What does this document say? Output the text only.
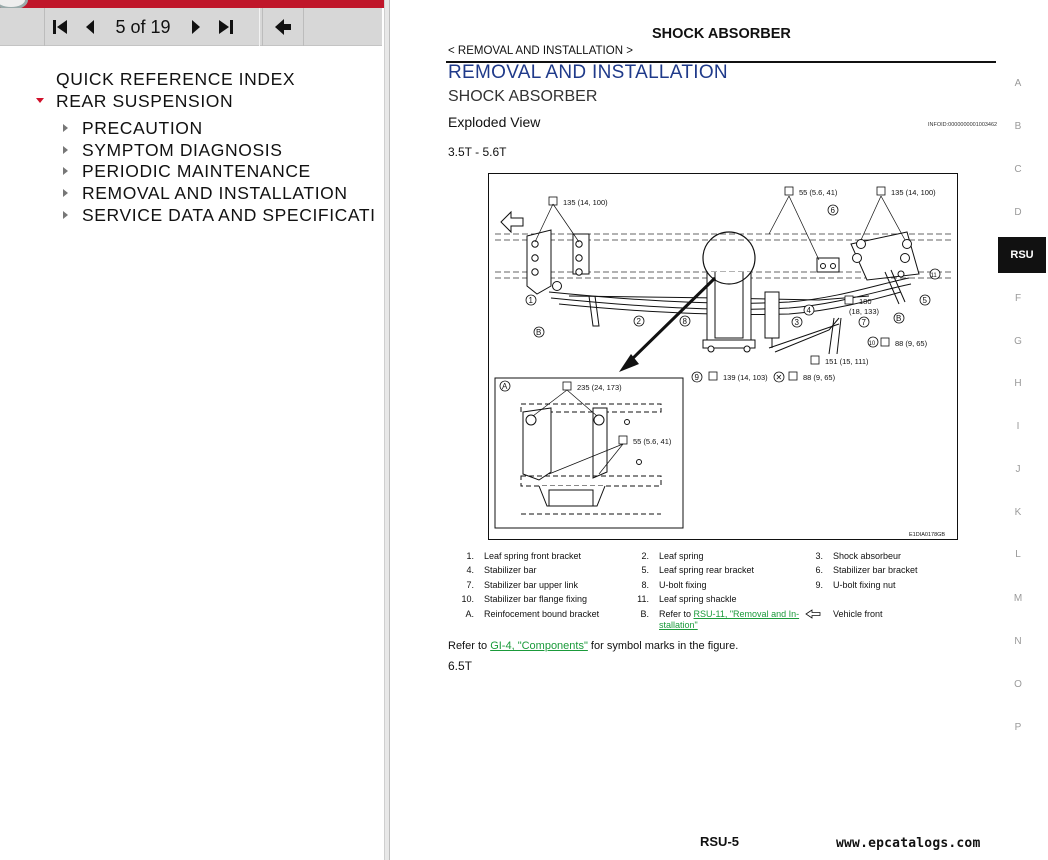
5 of 19
QUICK REFERENCE INDEX
REAR SUSPENSION
PRECAUTION
SYMPTOM DIAGNOSIS
PERIODIC MAINTENANCE
REMOVAL AND INSTALLATION
SERVICE DATA AND SPECIFICATI
SHOCK ABSORBER
< REMOVAL AND INSTALLATION >
REMOVAL AND INSTALLATION
SHOCK ABSORBER
Exploded View	INFOID:0000000001003462
3.5T - 5.6T
135 (14, 100)
55 (5.6, 41)	135 (14, 100)
180
(18, 133)
88 (9, 65)
151 (15, 111)
139 (14, 103)	88 (9, 65)
1
2	3
4
5
6
7
8
9
10
11
B
B
✕
A	235 (24, 173)
55 (5.6, 41)
E1DIA0178GB
1. Leaf spring front bracket	2. Leaf spring	3. Shock absorbeur
4. Stabilizer bar	5. Leaf spring rear bracket	6. Stabilizer bar bracket
7. Stabilizer bar upper link	8. U-bolt fixing	9. U-bolt fixing nut
10. Stabilizer bar flange fixing	11. Leaf spring shackle
A. Reinfocement bound bracket	B. Refer to RSU-11, "Removal and In-
stallation"
Vehicle front
Refer to GI-4, "Components" for symbol marks in the figure.
6.5T
RSU-5	www.epcatalogs.com
A
B
C
D
RSU
F
G
H
I
J
K
L
M
N
O
P
